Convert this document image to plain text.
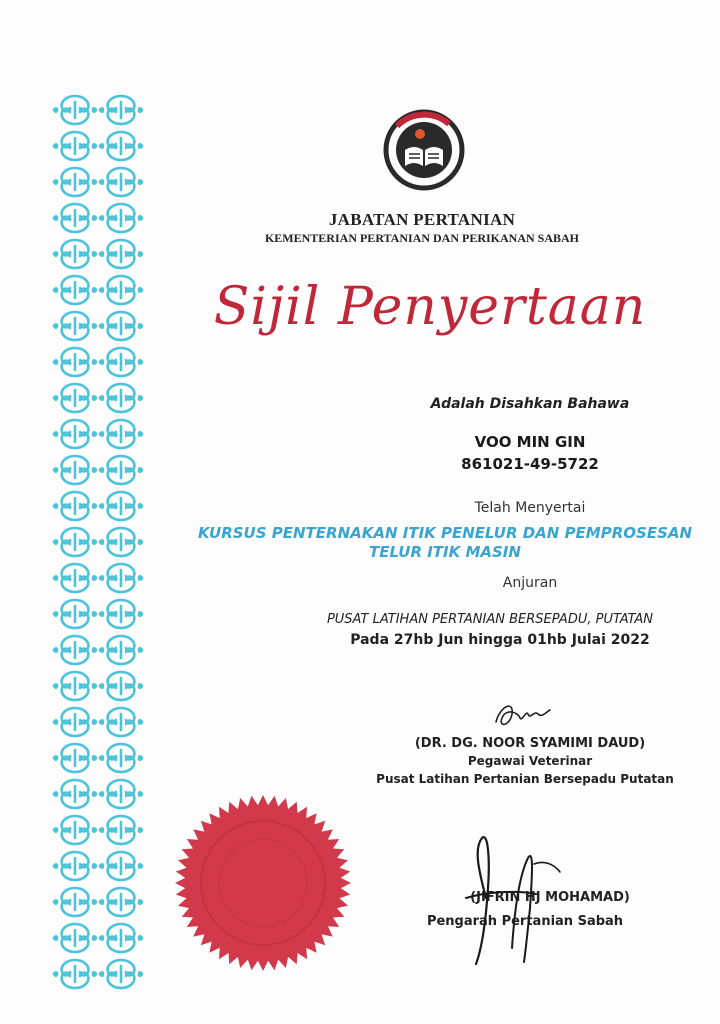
JABATAN PERTANIAN
KEMENTERIAN PERTANIAN DAN PERIKANAN SABAH
Sijil Penyertaan
Adalah Disahkan Bahawa
VOO MIN GIN
861021-49-5722
Telah Menyertai
KURSUS PENTERNAKAN ITIK PENELUR DAN PEMPROSESAN
TELUR ITIK MASIN
Anjuran
PUSAT LATIHAN PERTANIAN BERSEPADU, PUTATAN
Pada 27hb Jun hingga 01hb Julai 2022
(DR. DG. NOOR SYAMIMI DAUD)
Pegawai Veterinar
Pusat Latihan Pertanian Bersepadu Putatan
(JIFRIN HJ MOHAMAD)
Pengarah Pertanian Sabah
